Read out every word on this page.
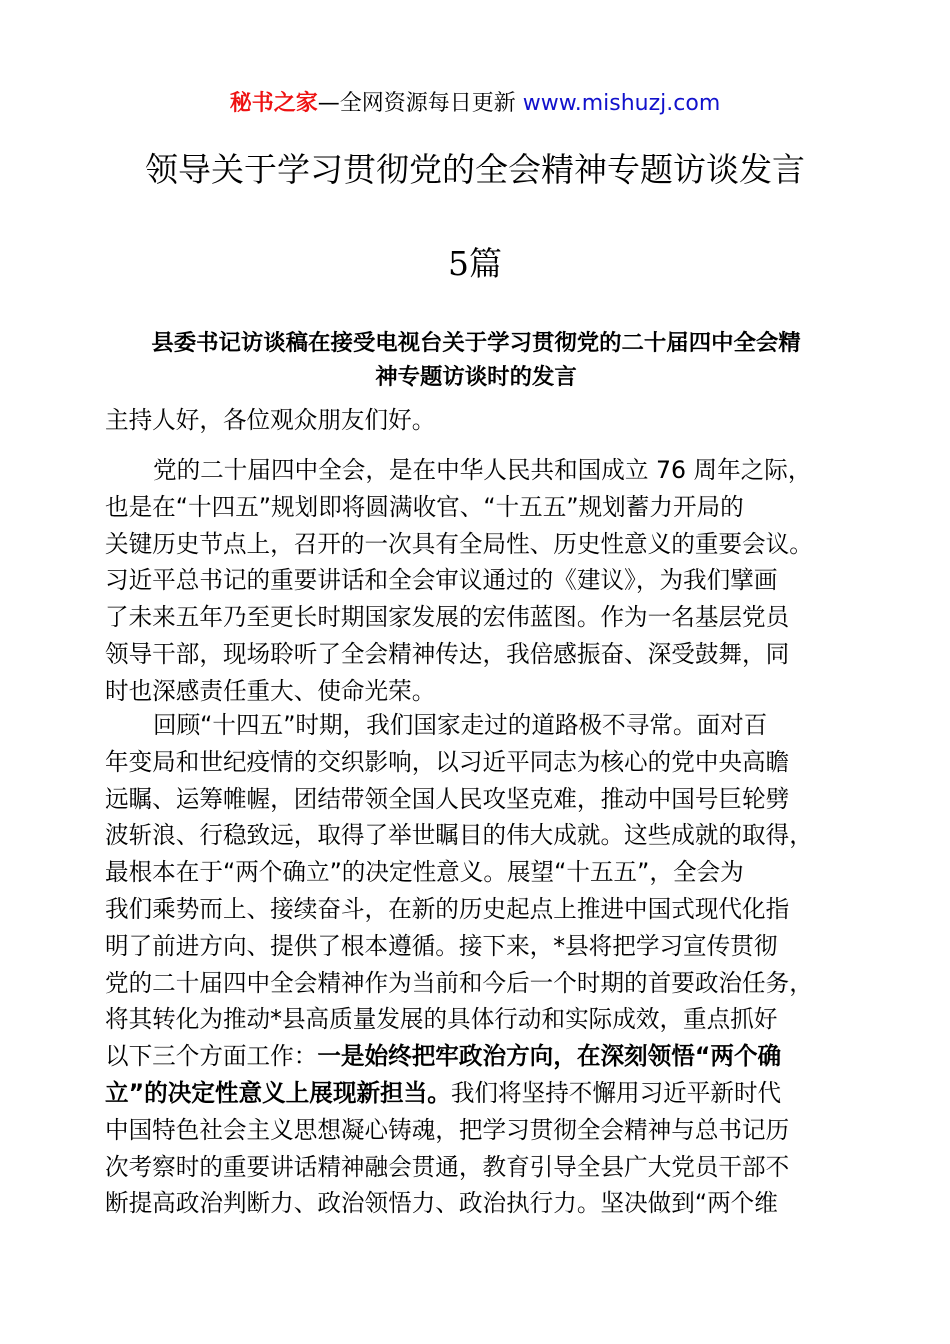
秘书之家—全网资源每日更新 www.mishuzj.com
领导关于学习贯彻党的全会精神专题访谈发言
5篇
县委书记访谈稿在接受电视台关于学习贯彻党的二十届四中全会精
神专题访谈时的发言
主持人好，各位观众朋友们好。
党的二十届四中全会，是在中华人民共和国成立 76 周年之际，
也是在“十四五”规划即将圆满收官、“十五五”规划蓄力开局的
关键历史节点上，召开的一次具有全局性、历史性意义的重要会议。
习近平总书记的重要讲话和全会审议通过的《建议》，为我们擘画
了未来五年乃至更长时期国家发展的宏伟蓝图。作为一名基层党员
领导干部，现场聆听了全会精神传达，我倍感振奋、深受鼓舞，同
时也深感责任重大、使命光荣。
回顾“十四五”时期，我们国家走过的道路极不寻常。面对百
年变局和世纪疫情的交织影响，以习近平同志为核心的党中央高瞻
远瞩、运筹帷幄，团结带领全国人民攻坚克难，推动中国号巨轮劈
波斩浪、行稳致远，取得了举世瞩目的伟大成就。这些成就的取得，
最根本在于“两个确立”的决定性意义。展望“十五五”，全会为
我们乘势而上、接续奋斗，在新的历史起点上推进中国式现代化指
明了前进方向、提供了根本遵循。接下来，*县将把学习宣传贯彻
党的二十届四中全会精神作为当前和今后一个时期的首要政治任务，
将其转化为推动*县高质量发展的具体行动和实际成效，重点抓好
以下三个方面工作：一是始终把牢政治方向，在深刻领悟“两个确
立”的决定性意义上展现新担当。我们将坚持不懈用习近平新时代
中国特色社会主义思想凝心铸魂，把学习贯彻全会精神与总书记历
次考察时的重要讲话精神融会贯通，教育引导全县广大党员干部不
断提高政治判断力、政治领悟力、政治执行力。坚决做到“两个维
